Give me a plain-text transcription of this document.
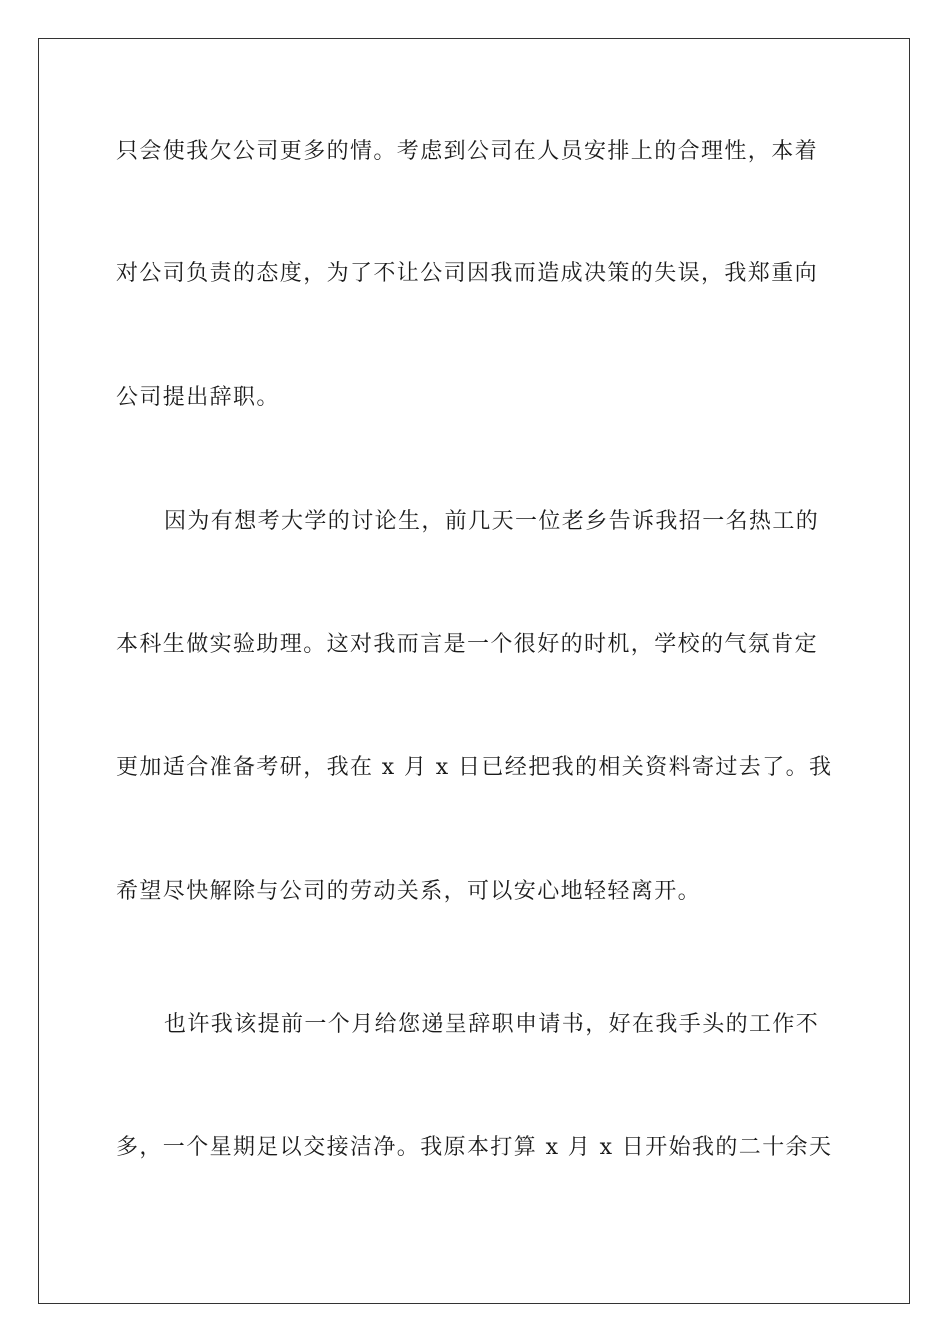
只会使我欠公司更多的情。考虑到公司在人员安排上的合理性，本着

对公司负责的态度，为了不让公司因我而造成决策的失误，我郑重向

公司提出辞职。

因为有想考大学的讨论生，前几天一位老乡告诉我招一名热工的

本科生做实验助理。这对我而言是一个很好的时机，学校的气氛肯定

更加适合准备考研，我在 x 月 x 日已经把我的相关资料寄过去了。我

希望尽快解除与公司的劳动关系，可以安心地轻轻离开。

也许我该提前一个月给您递呈辞职申请书，好在我手头的工作不

多，一个星期足以交接洁净。我原本打算 x 月 x 日开始我的二十余天
